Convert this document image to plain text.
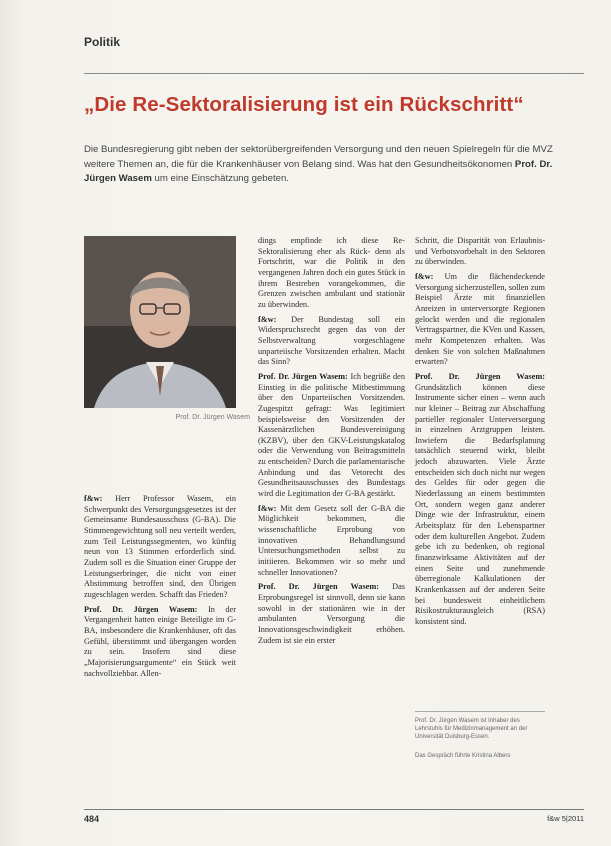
Politik
„Die Re-Sektoralisierung ist ein Rückschritt“
Die Bundesregierung gibt neben der sektorübergreifenden Versorgung und den neuen Spielregeln für die MVZ weitere Themen an, die für die Krankenhäuser von Belang sind. Was hat den Gesundheitsökonomen Prof. Dr. Jürgen Wasem um eine Einschätzung gebeten.
Prof. Dr. Jürgen Wasem

f&w: Herr Professor Wasem, ein Schwerpunkt des Versorgungsgesetzes ist der Gemeinsame Bundesausschuss (G-BA). Die Stimmengewichtung soll neu verteilt werden, zum Teil Leistungssegmenten, wo künftig neun von 13 Stimmen erforderlich sind. Zudem soll es die Situation einer Gruppe der Leistungserbringer, die nicht von einer Abstimmung betroffen sind, den Übrigen zugeschlagen werden. Schafft das Frieden?

Prof. Dr. Jürgen Wasem: In der Vergangenheit hatten einige Beteiligte im G-BA, insbesondere die Krankenhäuser, oft das Gefühl, überstimmt und übergangen worden zu sein. Insofern sind diese „Majorisierungsargumente“ ein Stück weit nachvollziehbar. Allen-

dings empfinde ich diese Re-Sektoralisierung eher als Rück- denn als Fortschritt, war die Politik in den vergangenen Jahren doch ein gutes Stück in ihrem Bestreben vorangekommen, die Grenzen zwischen ambulant und stationär zu überwinden.

f&w: Der Bundestag soll ein Widerspruchsrecht gegen das von der Selbstverwaltung vorgeschlagene unparteiische Vorsitzenden erhalten. Macht das Sinn?

Prof. Dr. Jürgen Wasem: Ich begrüße den Einstieg in die politische Mitbestimmung über den Unparteiischen Vorsitzenden. Zugespitzt gefragt: Was legitimiert beispielsweise den Vorsitzenden der Kassenärztlichen Bundesvereinigung (KZBV), über den GKV-Leistungskatalog oder die Verwendung von Beitragsmitteln zu entscheiden? Durch die parlamentarische Anbindung und das Vetorecht des Gesundheitsausschusses des Bundestags wird die Legitimation der G-BA gestärkt.

f&w: Mit dem Gesetz soll der G-BA die Möglichkeit bekommen, die wissenschaftliche Erprobung von innovativen Behandlungsund Untersuchungsmethoden selbst zu initiieren. Bekommen wir so mehr und schneller Innovationen?

Prof. Dr. Jürgen Wasem: Das Erprobungsregel ist sinnvoll, denn sie kann sowohl in der stationären wie in der ambulanten Versorgung die Innovationsgeschwindigkeit erhöhen. Zudem ist sie ein erster

Schritt, die Disparität von Erlaubnis- und Verbotsvorbehalt in den Sektoren zu überwinden.

f&w: Um die flächendeckende Versorgung sicherzustellen, sollen zum Beispiel Ärzte mit finanziellen Anreizen in unterversorgte Regionen gelockt werden und die regionalen Vertragspartner, die KVen und Kassen, mehr Kompetenzen erhalten. Was denken Sie von solchen Maßnahmen erwarten?

Prof. Dr. Jürgen Wasem: Grundsätzlich können diese Instrumente sicher einen – wenn auch nur kleiner – Beitrag zur Abschaffung partieller regionaler Unterversorgung in einzelnen Arztgruppen leisten. Inwiefern die Bedarfsplanung tatsächlich steuernd wirkt, bleibt jedoch abzuwarten. Viele Ärzte entscheiden sich doch nicht nur wegen des Geldes für oder gegen die Niederlassung an einem bestimmten Ort, sondern wegen ganz anderer Dinge wie der Infrastruktur, einem Arbeitsplatz für den Lebenspartner oder dem kulturellen Angebot. Zudem gebe ich zu bedenken, ob regional finanzwirksame Aktivitäten auf der einen Seite und zunehmende überregionale Kalkulationen der Krankenkassen auf der anderen Seite bei bundesweit einheitlichem Risikostrukturausgleich (RSA) konsistent sind.

Prof. Dr. Jürgen Wasem ist Inhaber des Lehrstuhls für Medizinmanagement an der Universität Duisburg-Essen.
Das Gespräch führte Kristina Albers
484	f&w 5|2011
